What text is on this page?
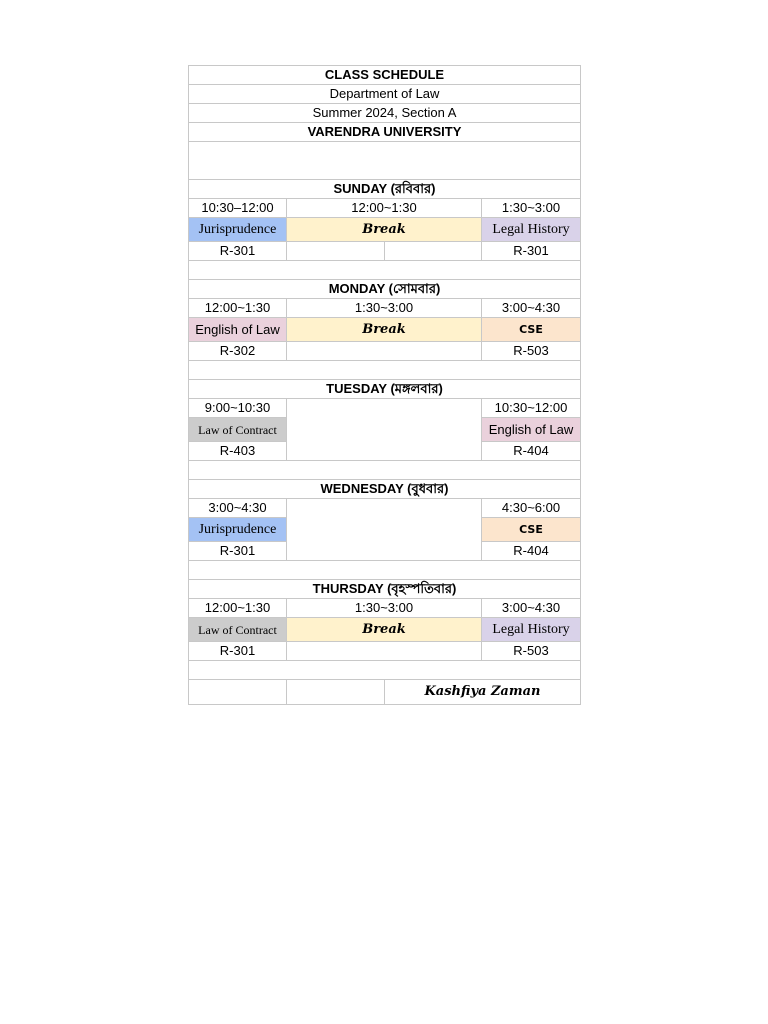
CLASS SCHEDULE			
Department of Law			
Summer 2024, Section A			
VARENDRA UNIVERSITY			

SUNDAY (রবিবার)			
10:30–12:00	12:00~1:30		1:30~3:00
Jurisprudence	Break		Legal History
R-301			R-301

MONDAY (সোমবার)			
12:00~1:30	1:30~3:00		3:00~4:30
English of Law	Break		CSE
R-302			R-503

TUESDAY (মঙ্গলবার)			
9:00~10:30			10:30~12:00
Law of Contract			English of Law
R-403			R-404

WEDNESDAY (বুধবার)			
3:00~4:30			4:30~6:00
Jurisprudence			CSE
R-301			R-404

THURSDAY (বৃহস্পতিবার)			
12:00~1:30	1:30~3:00		3:00~4:30
Law of Contract	Break		Legal History
R-301			R-503

		Kashfiya Zaman	
